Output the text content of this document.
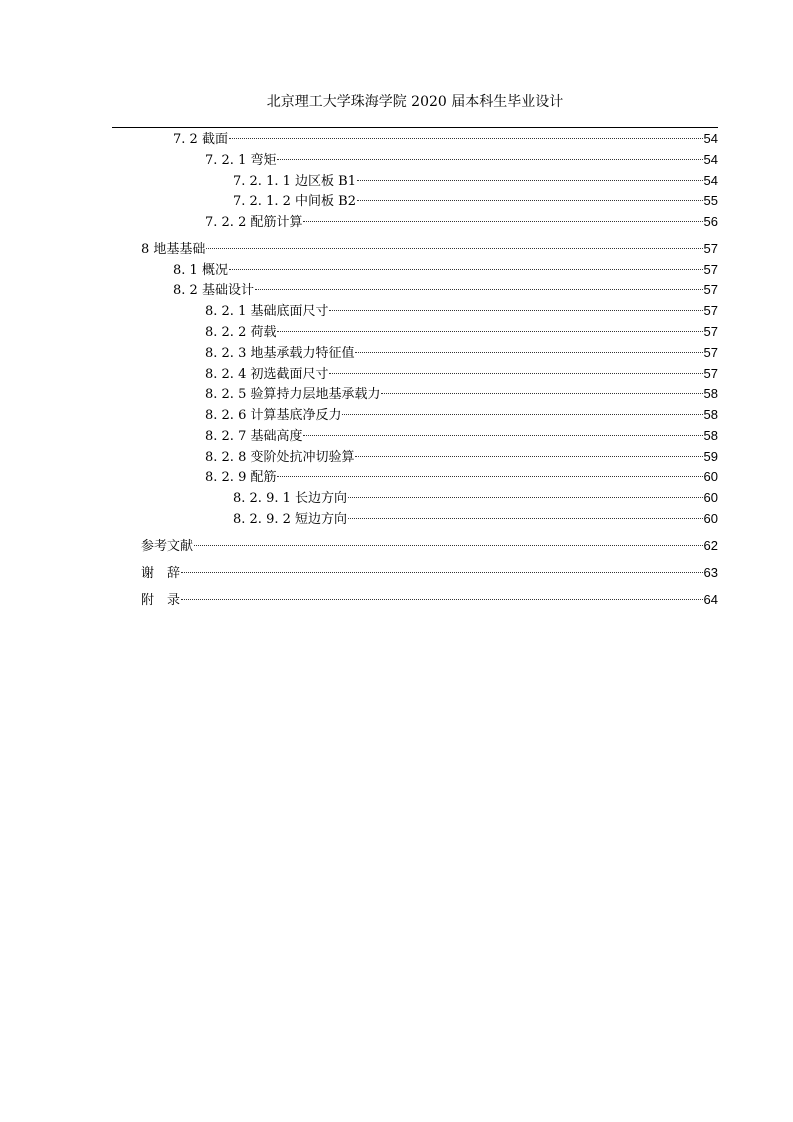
北京理工大学珠海学院 2020 届本科生毕业设计
7. 2 截面	54
7. 2. 1 弯矩	54
7. 2. 1. 1 边区板 B1	54
7. 2. 1. 2 中间板 B2	55
7. 2. 2 配筋计算	56
8 地基基础	57
8. 1 概况	57
8. 2 基础设计	57
8. 2. 1 基础底面尺寸	57
8. 2. 2 荷载	57
8. 2. 3 地基承载力特征值	57
8. 2. 4 初选截面尺寸	57
8. 2. 5 验算持力层地基承载力	58
8. 2. 6 计算基底净反力	58
8. 2. 7 基础高度	58
8. 2. 8 变阶处抗冲切验算	59
8. 2. 9 配筋	60
8. 2. 9. 1 长边方向	60
8. 2. 9. 2 短边方向	60
参考文献	62
谢　辞	63
附　录	64
